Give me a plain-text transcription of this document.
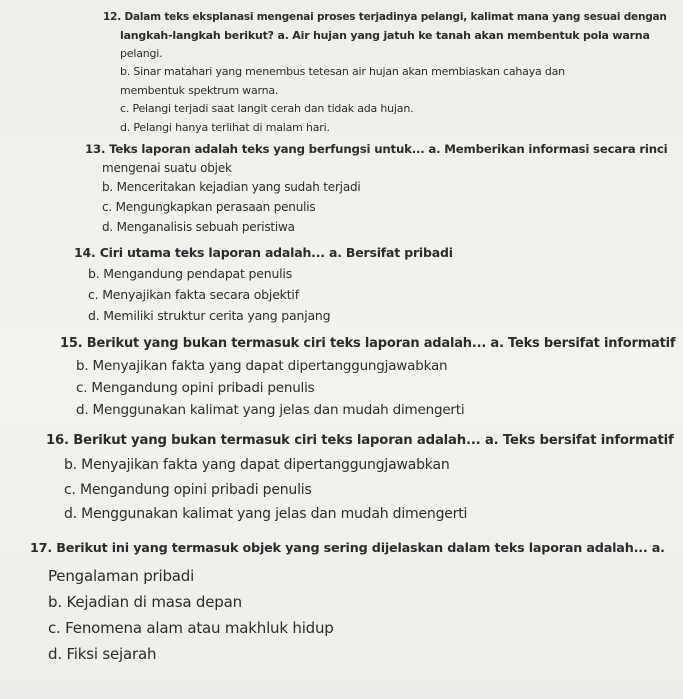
12. Dalam teks eksplanasi mengenai proses terjadinya pelangi, kalimat mana yang sesuai dengan
langkah-langkah berikut? a. Air hujan yang jatuh ke tanah akan membentuk pola warna
pelangi.
b. Sinar matahari yang menembus tetesan air hujan akan membiaskan cahaya dan
membentuk spektrum warna.
c. Pelangi terjadi saat langit cerah dan tidak ada hujan.
d. Pelangi hanya terlihat di malam hari.
13. Teks laporan adalah teks yang berfungsi untuk... a. Memberikan informasi secara rinci
mengenai suatu objek
b. Menceritakan kejadian yang sudah terjadi
c. Mengungkapkan perasaan penulis
d. Menganalisis sebuah peristiwa
14. Ciri utama teks laporan adalah... a. Bersifat pribadi
b. Mengandung pendapat penulis
c. Menyajikan fakta secara objektif
d. Memiliki struktur cerita yang panjang
15. Berikut yang bukan termasuk ciri teks laporan adalah... a. Teks bersifat informatif
b. Menyajikan fakta yang dapat dipertanggungjawabkan
c. Mengandung opini pribadi penulis
d. Menggunakan kalimat yang jelas dan mudah dimengerti
16. Berikut yang bukan termasuk ciri teks laporan adalah... a. Teks bersifat informatif
b. Menyajikan fakta yang dapat dipertanggungjawabkan
c. Mengandung opini pribadi penulis
d. Menggunakan kalimat yang jelas dan mudah dimengerti
17. Berikut ini yang termasuk objek yang sering dijelaskan dalam teks laporan adalah... a.
Pengalaman pribadi
b. Kejadian di masa depan
c. Fenomena alam atau makhluk hidup
d. Fiksi sejarah
